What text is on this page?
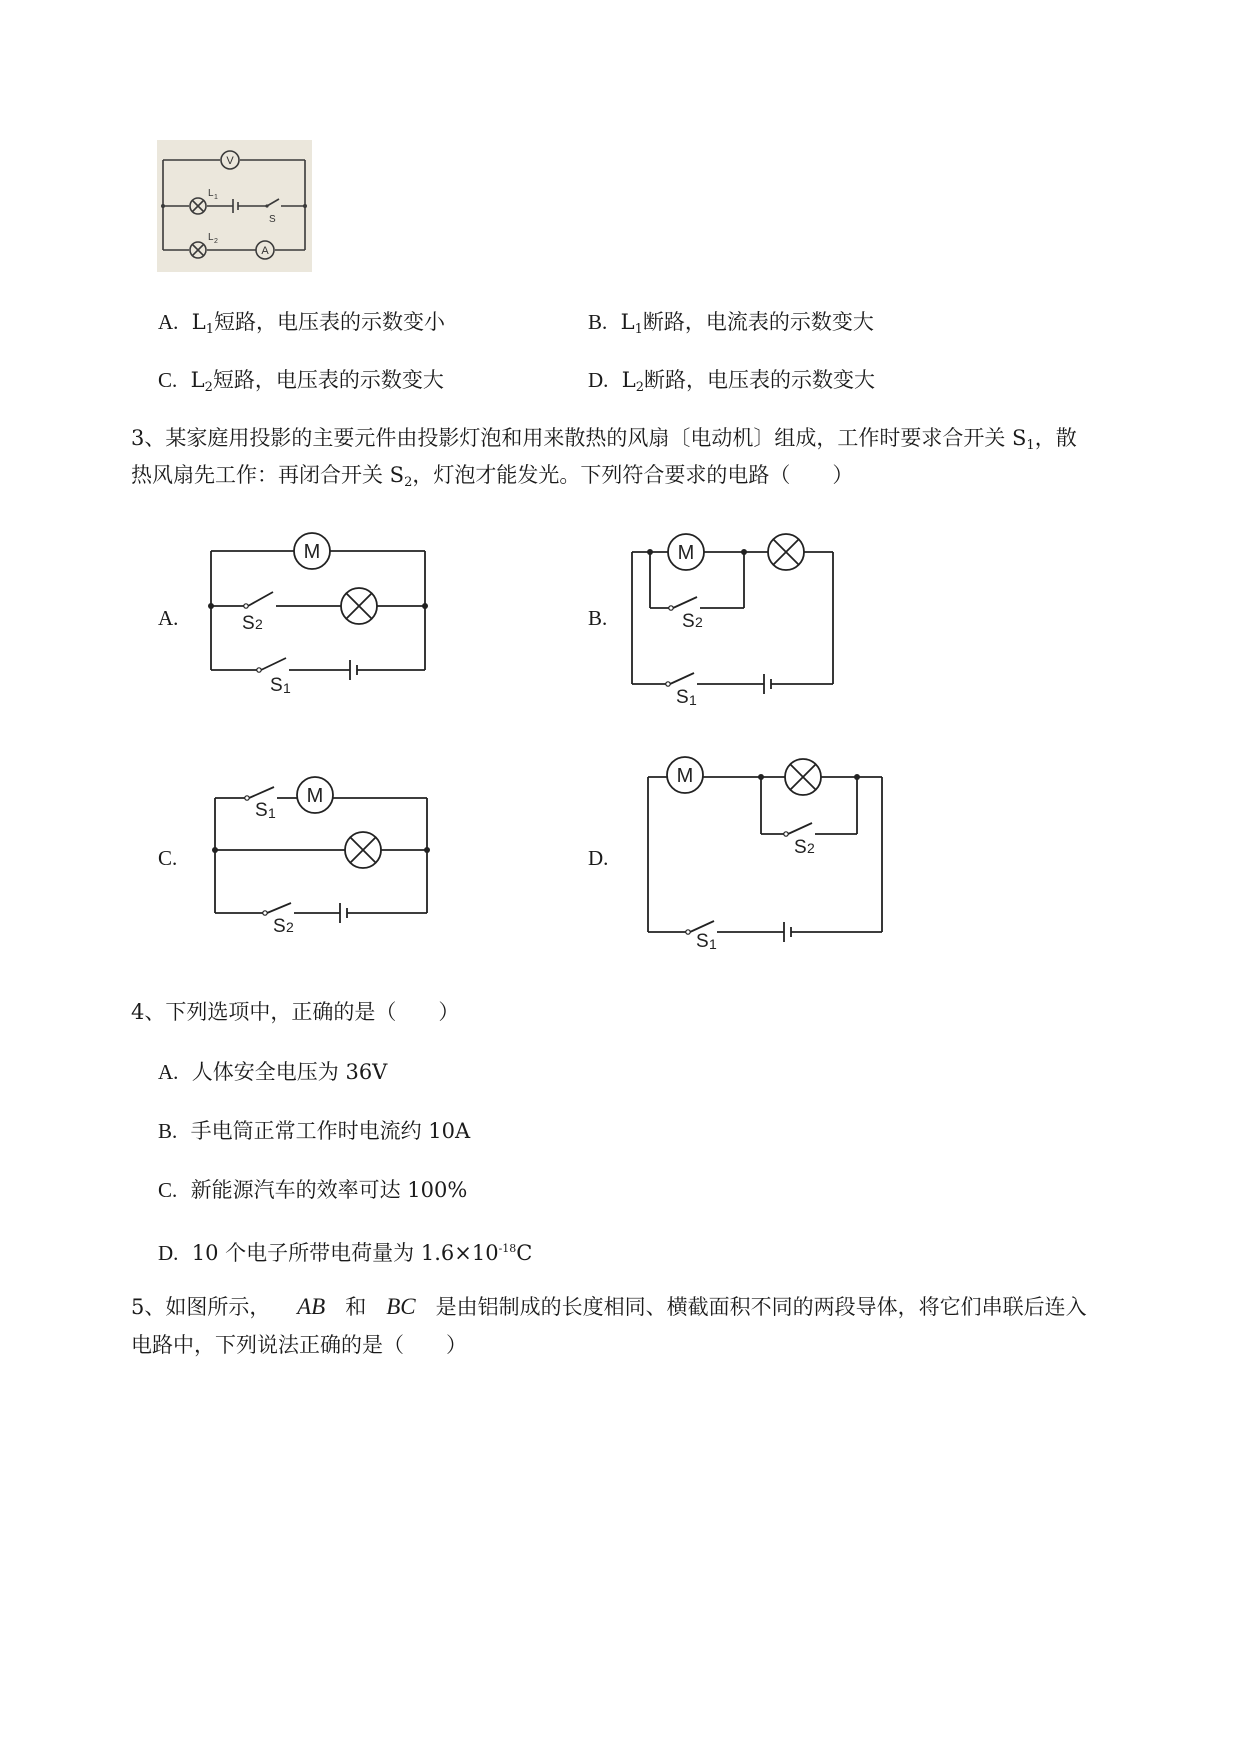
V
A
L 1
L 2
S
A. $L_1$短路，电压表的示数变小	B. $L_1$断路，电流表的示数变大
C. $L_2$短路，电压表的示数变大	D. $L_2$断路，电压表的示数变大
3、某家庭用投影的主要元件由投影灯泡和用来散热的风扇〔电动机〕组成，工作时要求合开关 $S_1$，散
热风扇先工作：再闭合开关 $S_2$，灯泡才能发光。下列符合要求的电路（　　）
A.	B.
C.	D.
M
S 2
S 1
M
S 2
S 1
M
S 1
S 2
M
S 2
S 1
4、下列选项中，正确的是（　　）
A. 人体安全电压为 36V
B. 手电筒正常工作时电流约 10A
C. 新能源汽车的效率可达 100%
D. 10 个电子所带电荷量为 $1.6\times 10^{-18}C$
5、如图所示， AB 和 BC 是由铝制成的长度相同、横截面积不同的两段导体，将它们串联后连入
电路中，下列说法正确的是（　　）
